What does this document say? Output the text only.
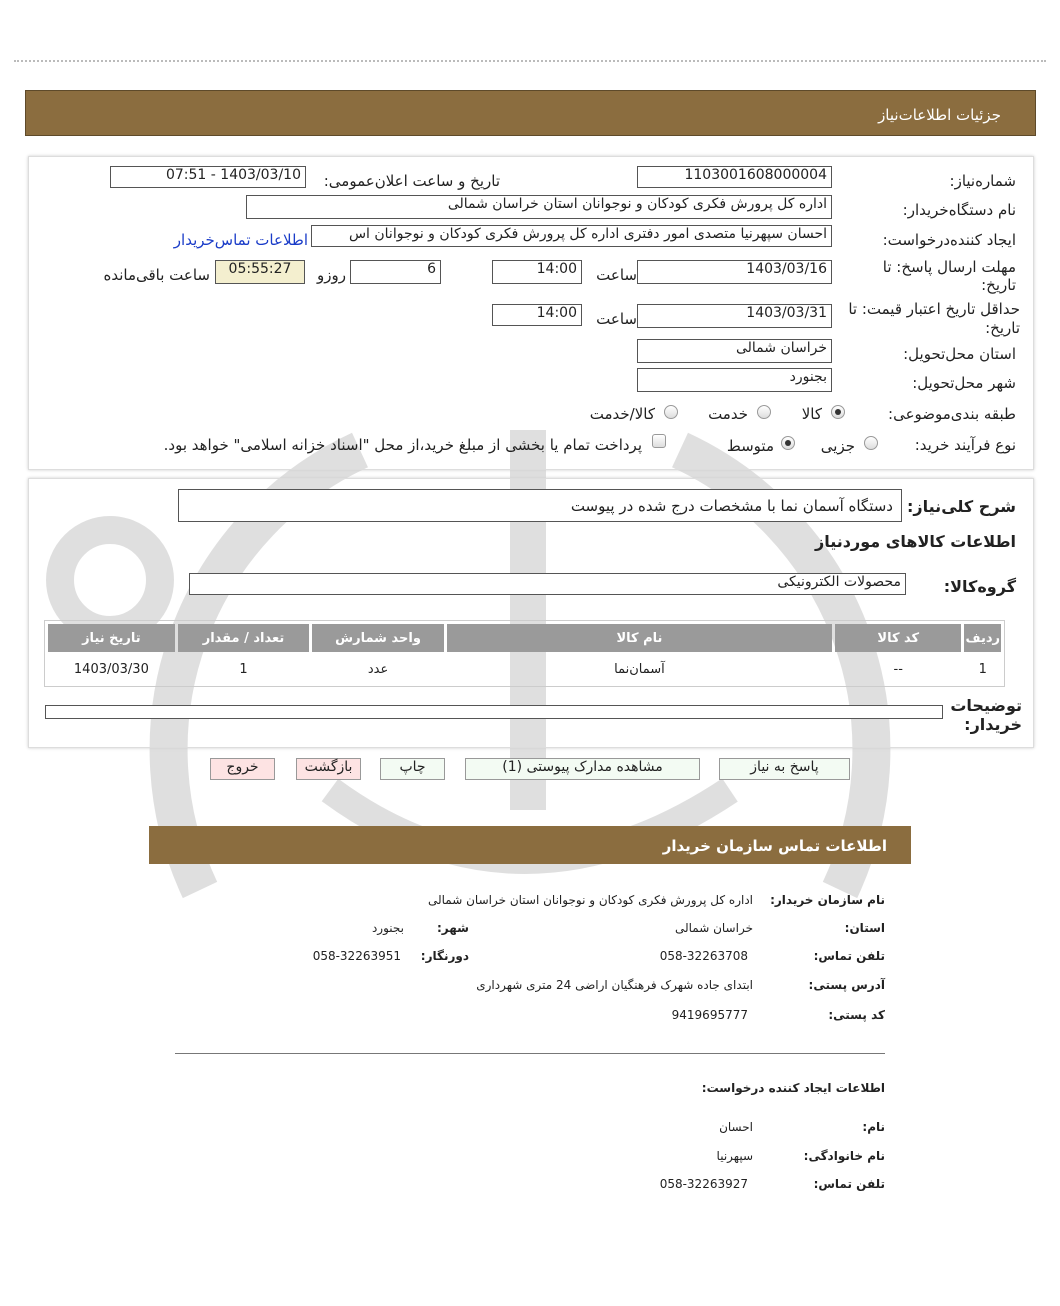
جزئیات اطلاعات‌نیاز
شماره‌نیاز:
1103001608000004
تاریخ و ساعت اعلان‌عمومی:
1403/03/10 - 07:51
نام دستگاه‌خریدار:
اداره کل پرورش فکری کودکان و نوجوانان استان خراسان شمالی
ایجاد کننده‌درخواست:
احسان سپهرنیا متصدی امور دفتری اداره کل پرورش فکری کودکان و نوجوانان اس
اطلاعات تماس‌خریدار
مهلت ارسال پاسخ: تا
تاریخ:
1403/03/16
ساعت
14:00
6
روزو
05:55:27
ساعت باقی‌مانده
حداقل تاریخ اعتبار قیمت: تا
تاریخ:
1403/03/31
ساعت
14:00
استان محل‌تحویل:
خراسان شمالی
شهر محل‌تحویل:
بجنورد
طبقه بندی‌موضوعی:
کالا
خدمت
کالا/خدمت
نوع فرآیند خرید:
جزیی
متوسط
پرداخت تمام یا بخشی از مبلغ خرید،از محل "اسناد خزانه اسلامی" خواهد بود.
شرح کلی‌نیاز:
دستگاه آسمان نما با مشخصات درج شده در پیوست
اطلاعات کالاهای موردنیاز
گروه‌کالا:
محصولات الکترونیکی
ردیف	کد کالا	نام کالا	واحد شمارش	تعداد / مقدار	تاریخ نیاز
1	--	آسمان‌نما	عدد	1	1403/03/30
توضیحات
خریدار:
پاسخ به نیاز
مشاهده مدارک پیوستی (1)
چاپ
بازگشت
خروج
اطلاعات تماس سازمان خریدار
نام سازمان خریدار:
اداره کل پرورش فکری کودکان و نوجوانان استان خراسان شمالی
استان:
خراسان شمالی
شهر:
بجنورد
تلفن تماس:
058-32263708
دورنگار:
058-32263951
آدرس پستی:
ابتدای جاده شهرک فرهنگیان اراضی 24 متری شهرداری
کد پستی:
9419695777
اطلاعات ایجاد کننده درخواست:
نام:
احسان
نام خانوادگی:
سپهرنیا
تلفن تماس:
058-32263927
